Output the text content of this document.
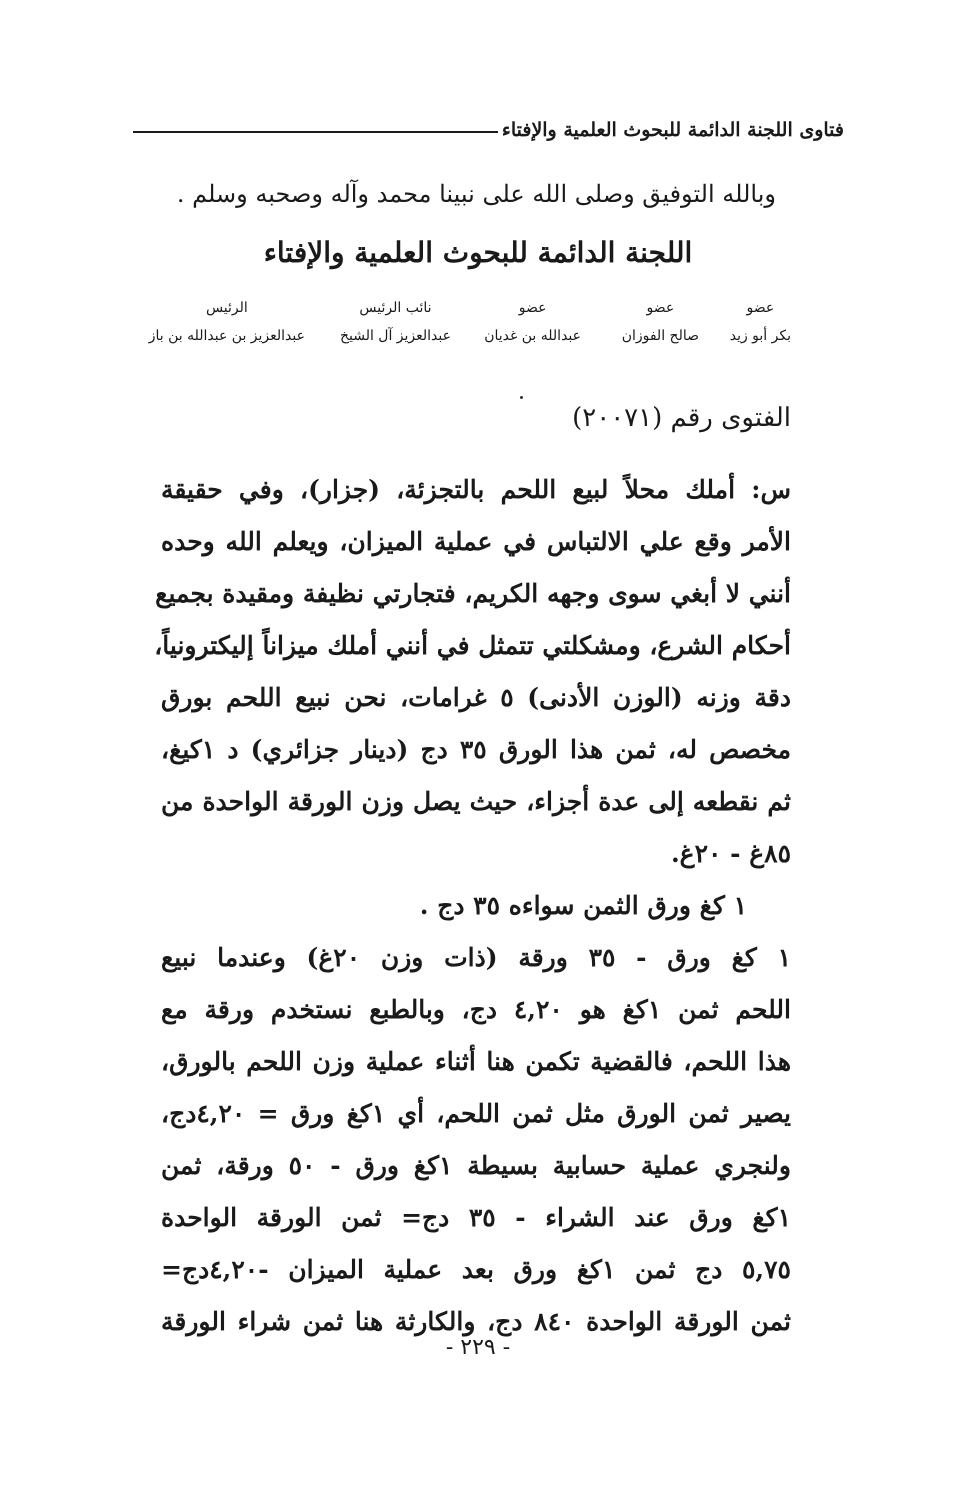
فتاوى اللجنة الدائمة للبحوث العلمية والإفتاء
وبالله التوفيق وصلى الله على نبينا محمد وآله وصحبه وسلم .
اللجنة الدائمة للبحوث العلمية والإفتاء
عضو
بكر أبو زيد
عضو
صالح الفوزان
عضو
عبدالله بن غديان
نائب الرئيس
عبدالعزيز آل الشيخ
الرئيس
عبدالعزيز بن عبدالله بن باز
الفتوى رقم (٢٠٠٧١)
س: أملك محلاً لبيع اللحم بالتجزئة، (جزار)، وفي حقيقة
الأمر وقع علي الالتباس في عملية الميزان، ويعلم الله وحده
أنني لا أبغي سوى وجهه الكريم، فتجارتي نظيفة ومقيدة بجميع
أحكام الشرع، ومشكلتي تتمثل في أنني أملك ميزاناً إليكترونياً،
دقة وزنه (الوزن الأدنى) ٥ غرامات، نحن نبيع اللحم بورق
مخصص له، ثمن هذا الورق ٣٥ دج (دينار جزائري) د ١كيغ،
ثم نقطعه إلى عدة أجزاء، حيث يصل وزن الورقة الواحدة من
٨٥غ - ٢٠غ.
١ كغ ورق الثمن سواءه ٣٥ دج .
١ كغ ورق - ٣٥ ورقة (ذات وزن ٢٠غ) وعندما نبيع
اللحم ثمن ١كغ هو ٤,٢٠ دج، وبالطبع نستخدم ورقة مع
هذا اللحم، فالقضية تكمن هنا أثناء عملية وزن اللحم بالورق،
يصير ثمن الورق مثل ثمن اللحم، أي ١كغ ورق = ٤,٢٠دج،
ولنجري عملية حسابية بسيطة ١كغ ورق - ٥٠ ورقة، ثمن
١كغ ورق عند الشراء - ٣٥ دج= ثمن الورقة الواحدة
٥,٧٥ دج ثمن ١كغ ورق بعد عملية الميزان -٤,٢٠دج=
ثمن الورقة الواحدة ٨٤٠ دج، والكارثة هنا ثمن شراء الورقة
- ٢٢٩ -
